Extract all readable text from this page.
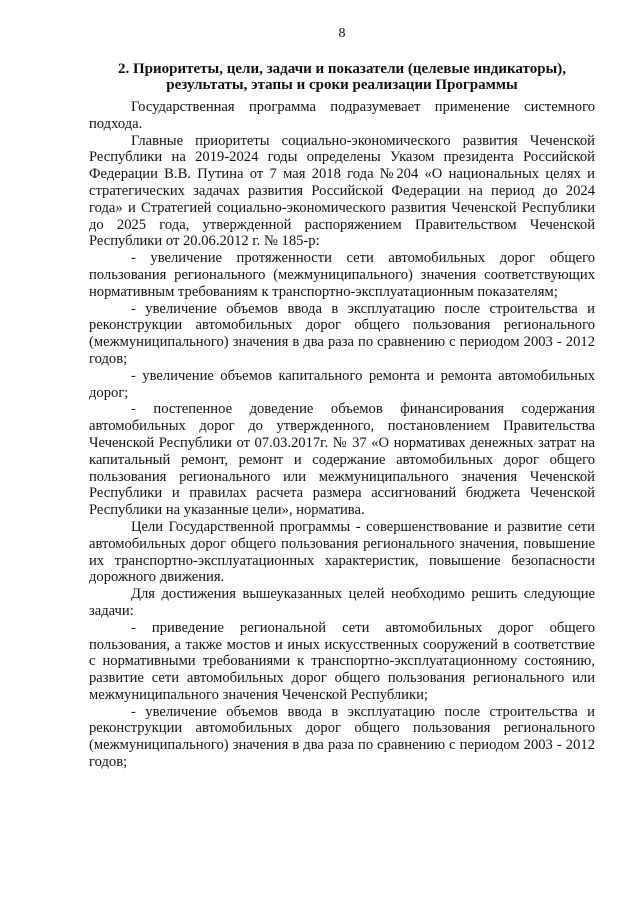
8
2. Приоритеты, цели, задачи и показатели (целевые индикаторы),
результаты, этапы и сроки реализации Программы

Государственная программа подразумевает применение системного подхода.

Главные приоритеты социально-экономического развития Чеченской Республики на 2019-2024 годы определены Указом президента Российской Федерации В.В. Путина от 7 мая 2018 года №204 «О национальных целях и стратегических задачах развития Российской Федерации на период до 2024 года» и Стратегией социально-экономического развития Чеченской Республики до 2025 года, утвержденной распоряжением Правительством Чеченской Республики от 20.06.2012 г. № 185-р:

- увеличение протяженности сети автомобильных дорог общего пользования регионального (межмуниципального) значения соответствующих нормативным требованиям к транспортно-эксплуатационным показателям;

- увеличение объемов ввода в эксплуатацию после строительства и реконструкции автомобильных дорог общего пользования регионального (межмуниципального) значения в два раза по сравнению с периодом 2003 - 2012 годов;

- увеличение объемов капитального ремонта и ремонта автомобильных дорог;

- постепенное доведение объемов финансирования содержания автомобильных дорог до утвержденного, постановлением Правительства Чеченской Республики от 07.03.2017г. № 37 «О нормативах денежных затрат на капитальный ремонт, ремонт и содержание автомобильных дорог общего пользования регионального или межмуниципального значения Чеченской Республики и правилах расчета размера ассигнований бюджета Чеченской Республики на указанные цели», норматива.

Цели Государственной программы - совершенствование и развитие сети автомобильных дорог общего пользования регионального значения, повышение их транспортно-эксплуатационных характеристик, повышение безопасности дорожного движения.

Для достижения вышеуказанных целей необходимо решить следующие задачи:

- приведение региональной сети автомобильных дорог общего пользования, а также мостов и иных искусственных сооружений в соответствие с нормативными требованиями к транспортно-эксплуатационному состоянию, развитие сети автомобильных дорог общего пользования регионального или межмуниципального значения Чеченской Республики;

- увеличение объемов ввода в эксплуатацию после строительства и реконструкции автомобильных дорог общего пользования регионального (межмуниципального) значения в два раза по сравнению с периодом 2003 - 2012 годов;
